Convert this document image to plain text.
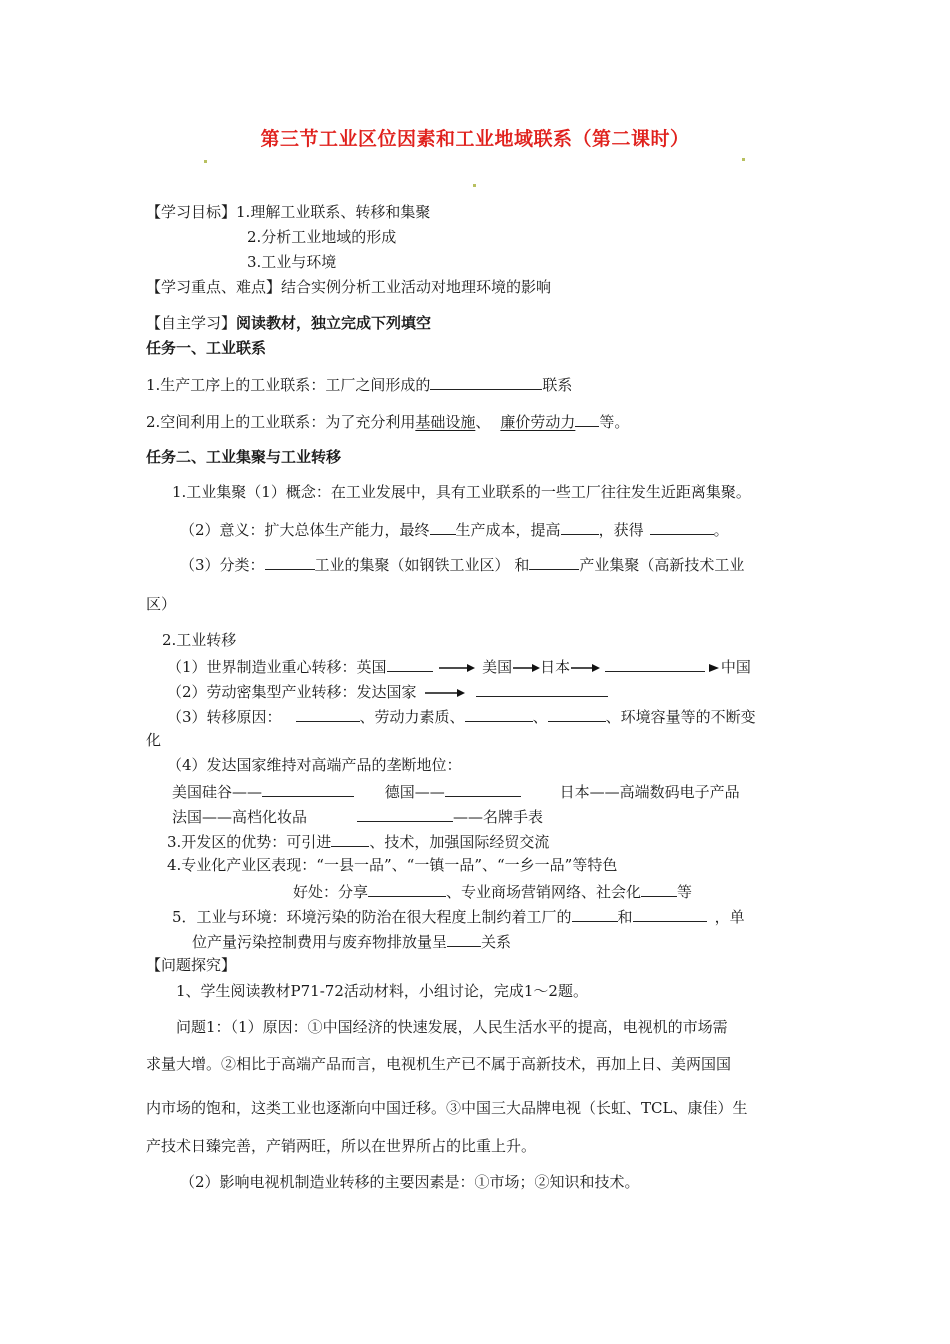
第三节工业区位因素和工业地域联系（第二课时）
【学习目标】1.理解工业联系、转移和集聚
2.分析工业地域的形成
3.工业与环境
【学习重点、难点】结合实例分析工业活动对地理环境的影响
【自主学习】阅读教材，独立完成下列填空
任务一、工业联系
1.生产工序上的工业联系：工厂之间形成的	联系
2.空间利用上的工业联系：为了充分利用基础设施、 廉价劳动力 等。
任务二、工业集聚与工业转移
1.工业集聚（1）概念：在工业发展中，具有工业联系的一些工厂往往发生近距离集聚。
（2）意义：扩大总体生产能力，最终 生产成本，提高	，获得	。
（3）分类：	工业的集聚（如钢铁工业区） 和	产业集聚（高新技术工业
区）
2.工业转移
（1）世界制造业重心转移：英国	美国 日本	中国
（2）劳动密集型产业转移：发达国家
（3）转移原因：	、劳动力素质、	、	、环境容量等的不断变
化
（4）发达国家维持对高端产品的垄断地位：
美国硅谷——	德国——	日本——高端数码电子产品
法国——高档化妆品	——名牌手表
3.开发区的优势：可引进	、技术，加强国际经贸交流
4.专业化产业区表现：“一县一品”、“一镇一品”、“一乡一品”等特色
好处：分享	、专业商场营销网络、社会化 等
5．工业与环境：环境污染的防治在很大程度上制约着工厂的	和	，单
位产量污染控制费用与废弃物排放量呈 关系
【问题探究】
1、学生阅读教材P71-72活动材料，小组讨论，完成1～2题。
问题1：（1）原因：①中国经济的快速发展，人民生活水平的提高，电视机的市场需
求量大增。②相比于高端产品而言，电视机生产已不属于高新技术，再加上日、美两国国
内市场的饱和，这类工业也逐渐向中国迁移。③中国三大品牌电视（长虹、TCL、康佳）生
产技术日臻完善，产销两旺，所以在世界所占的比重上升。
（2）影响电视机制造业转移的主要因素是：①市场；②知识和技术。
